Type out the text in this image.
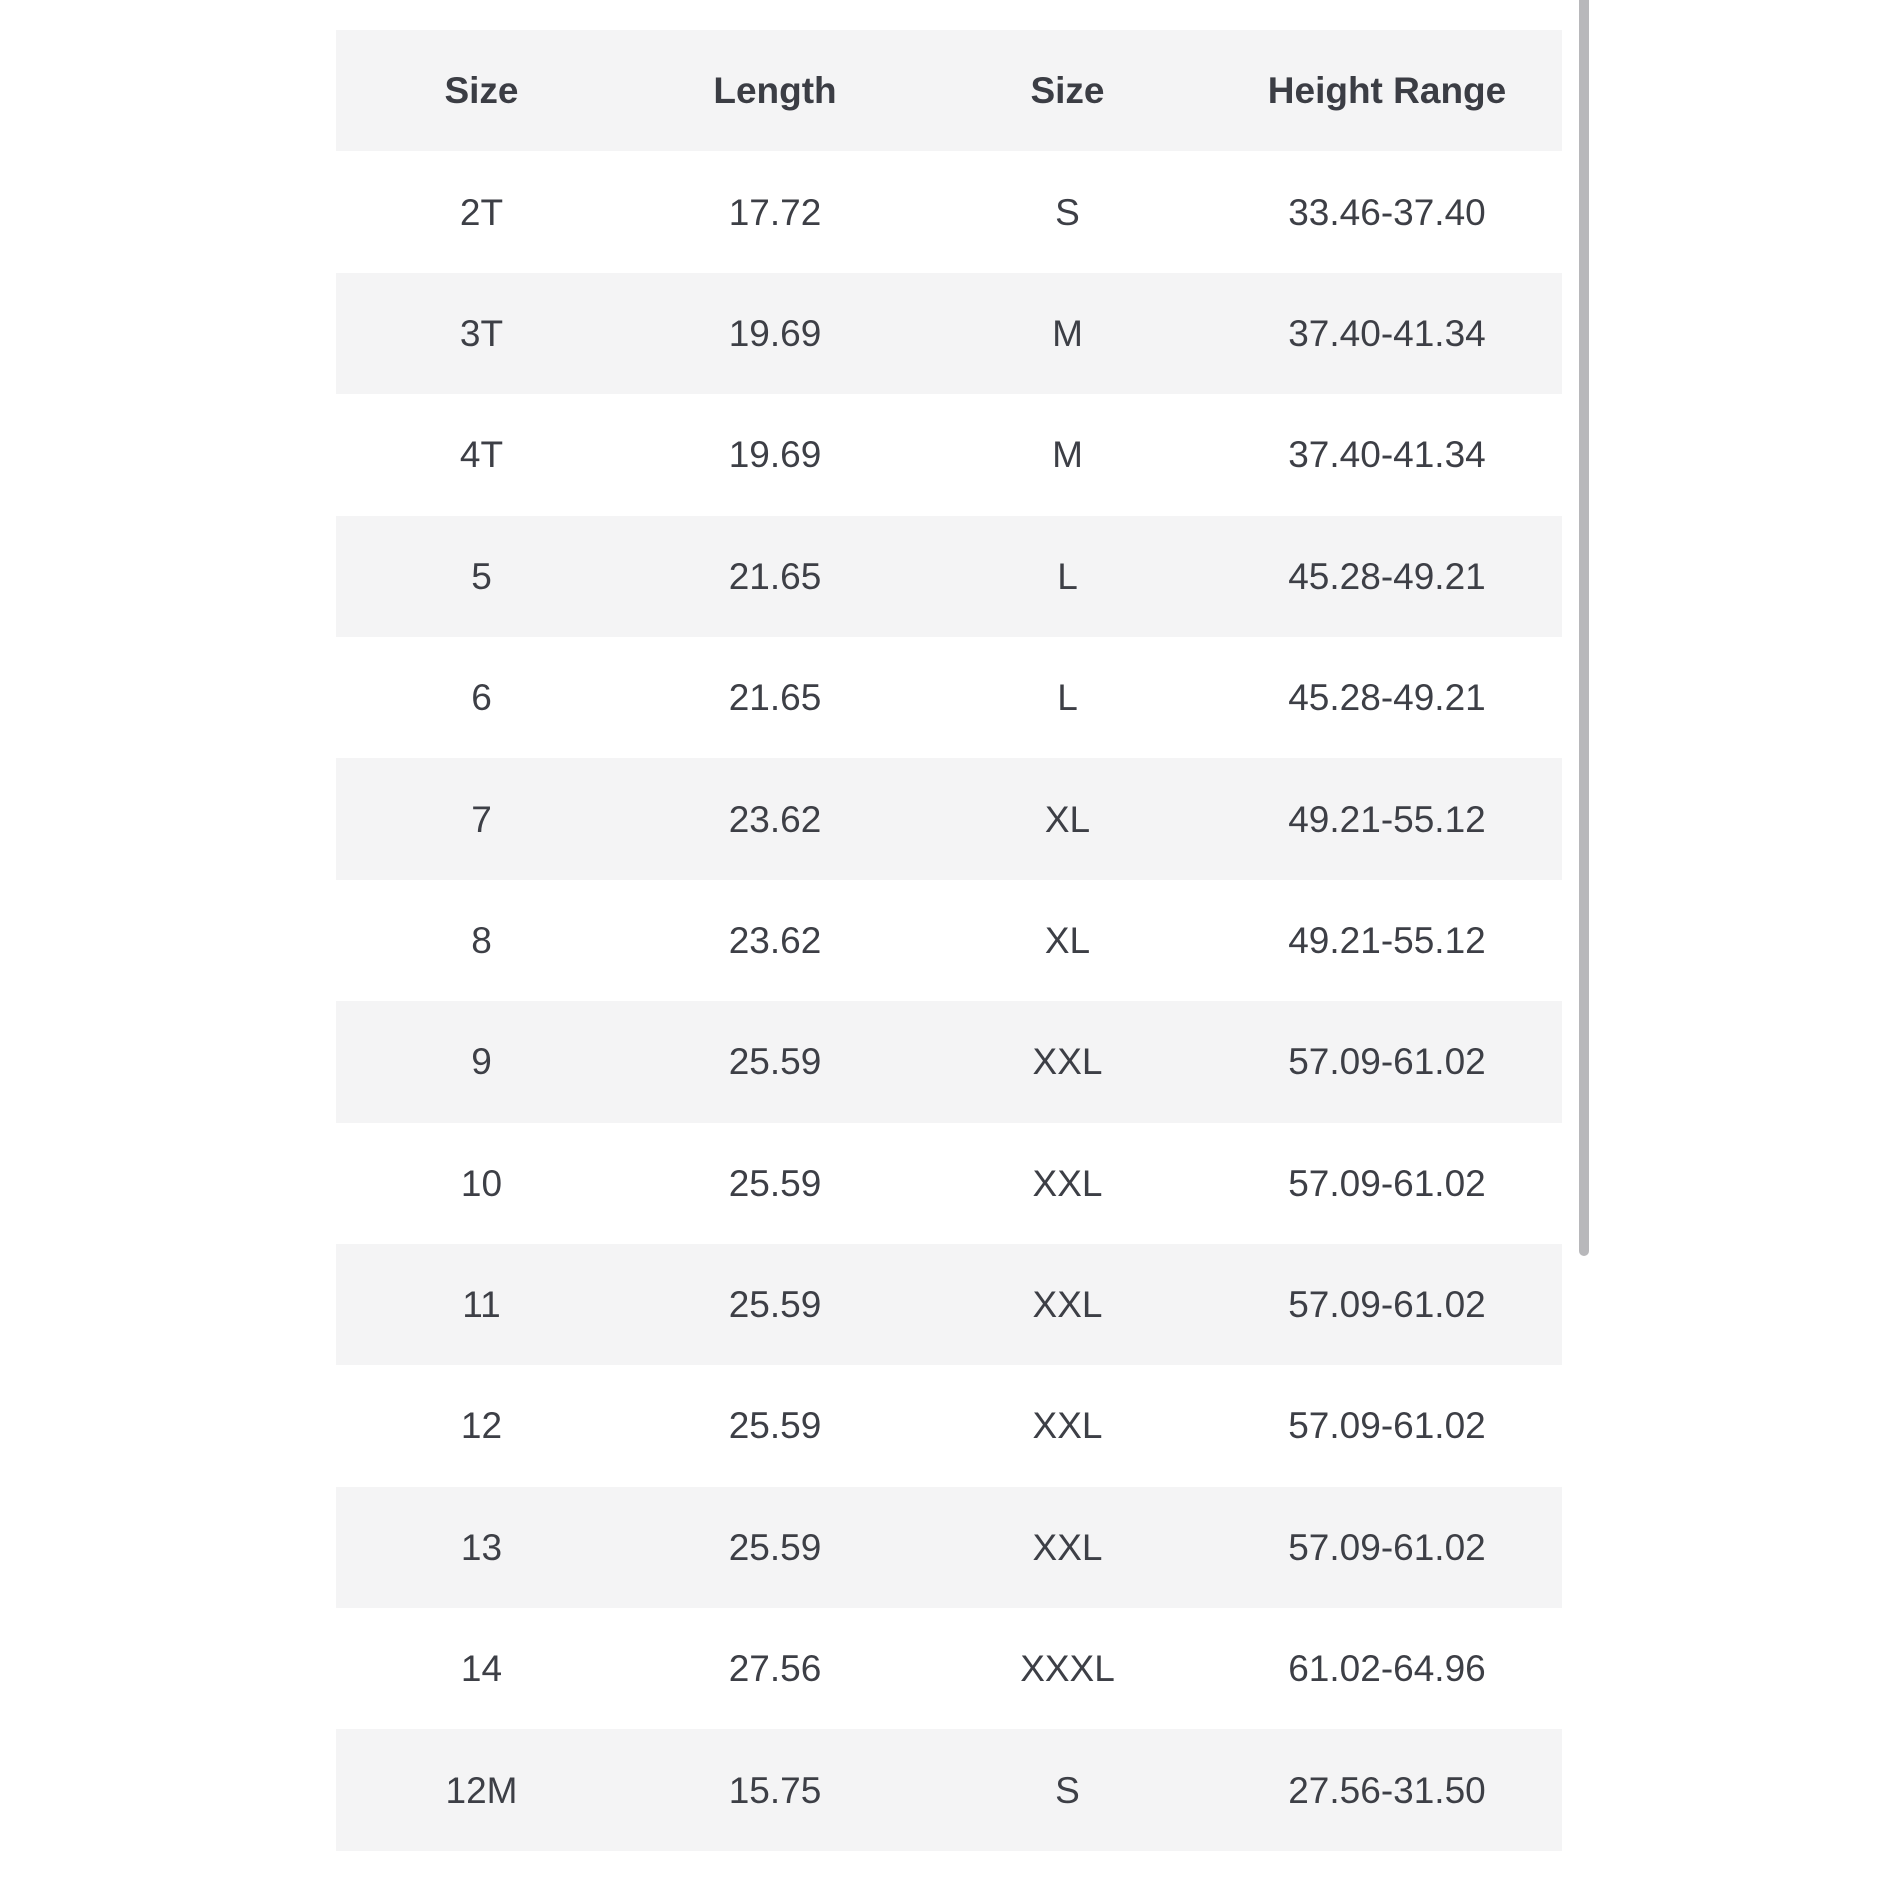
Size	Length	Size	Height Range
2T	17.72	S	33.46-37.40
3T	19.69	M	37.40-41.34
4T	19.69	M	37.40-41.34
5	21.65	L	45.28-49.21
6	21.65	L	45.28-49.21
7	23.62	XL	49.21-55.12
8	23.62	XL	49.21-55.12
9	25.59	XXL	57.09-61.02
10	25.59	XXL	57.09-61.02
11	25.59	XXL	57.09-61.02
12	25.59	XXL	57.09-61.02
13	25.59	XXL	57.09-61.02
14	27.56	XXXL	61.02-64.96
12M	15.75	S	27.56-31.50
